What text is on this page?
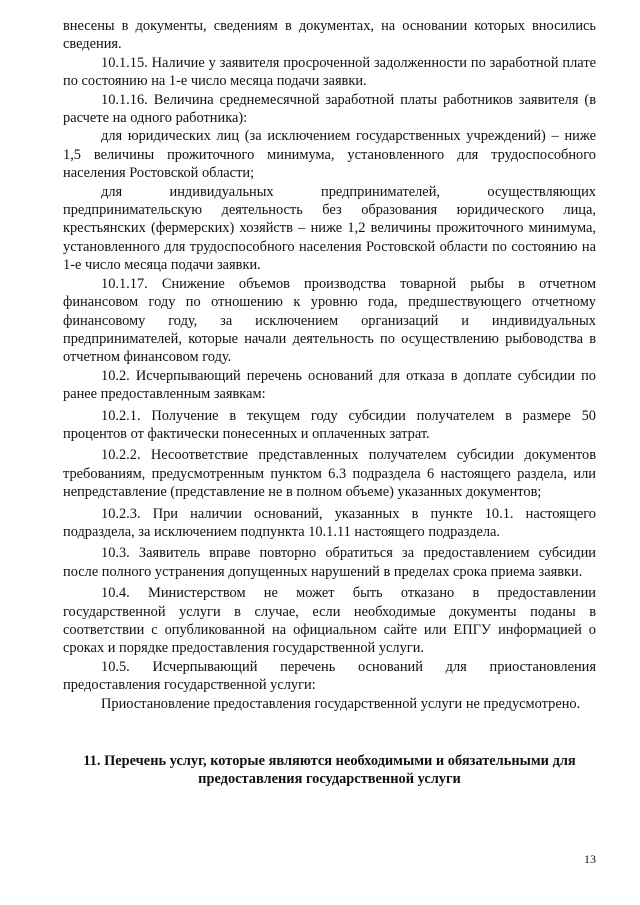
внесены в документы, сведениям в документах, на основании которых вносились сведения.

10.1.15. Наличие у заявителя просроченной задолженности по заработной плате по состоянию на 1-е число месяца подачи заявки.

10.1.16. Величина среднемесячной заработной платы работников заявителя (в расчете на одного работника):

для юридических лиц (за исключением государственных учреждений) – ниже 1,5 величины прожиточного минимума, установленного для трудоспособного населения Ростовской области;

для индивидуальных предпринимателей, осуществляющих предпринимательскую деятельность без образования юридического лица, крестьянских (фермерских) хозяйств – ниже 1,2 величины прожиточного минимума, установленного для трудоспособного населения Ростовской области по состоянию на 1-е число месяца подачи заявки.

10.1.17. Снижение объемов производства товарной рыбы в отчетном финансовом году по отношению к уровню года, предшествующего отчетному финансовому году, за исключением организаций и индивидуальных предпринимателей, которые начали деятельность по осуществлению рыбоводства в отчетном финансовом году.

10.2. Исчерпывающий перечень оснований для отказа в доплате субсидии по ранее предоставленным заявкам:

10.2.1. Получение в текущем году субсидии получателем в размере 50 процентов от фактически понесенных и оплаченных затрат.

10.2.2. Несоответствие представленных получателем субсидии документов требованиям, предусмотренным пунктом 6.3 подраздела 6 настоящего раздела, или непредставление (представление не в полном объеме) указанных документов;

10.2.3. При наличии оснований, указанных в пункте 10.1. настоящего подраздела, за исключением подпункта 10.1.11 настоящего подраздела.

10.3. Заявитель вправе повторно обратиться за предоставлением субсидии после полного устранения допущенных нарушений в пределах срока приема заявки.

10.4. Министерством не может быть отказано в предоставлении государственной услуги в случае, если необходимые документы поданы в соответствии с опубликованной на официальном сайте или ЕПГУ информацией о сроках и порядке предоставления государственной услуги.

10.5. Исчерпывающий перечень оснований для приостановления предоставления государственной услуги:

Приостановление предоставления государственной услуги не предусмотрено.

11. Перечень услуг, которые являются необходимыми и обязательными для предоставления государственной услуги

13
